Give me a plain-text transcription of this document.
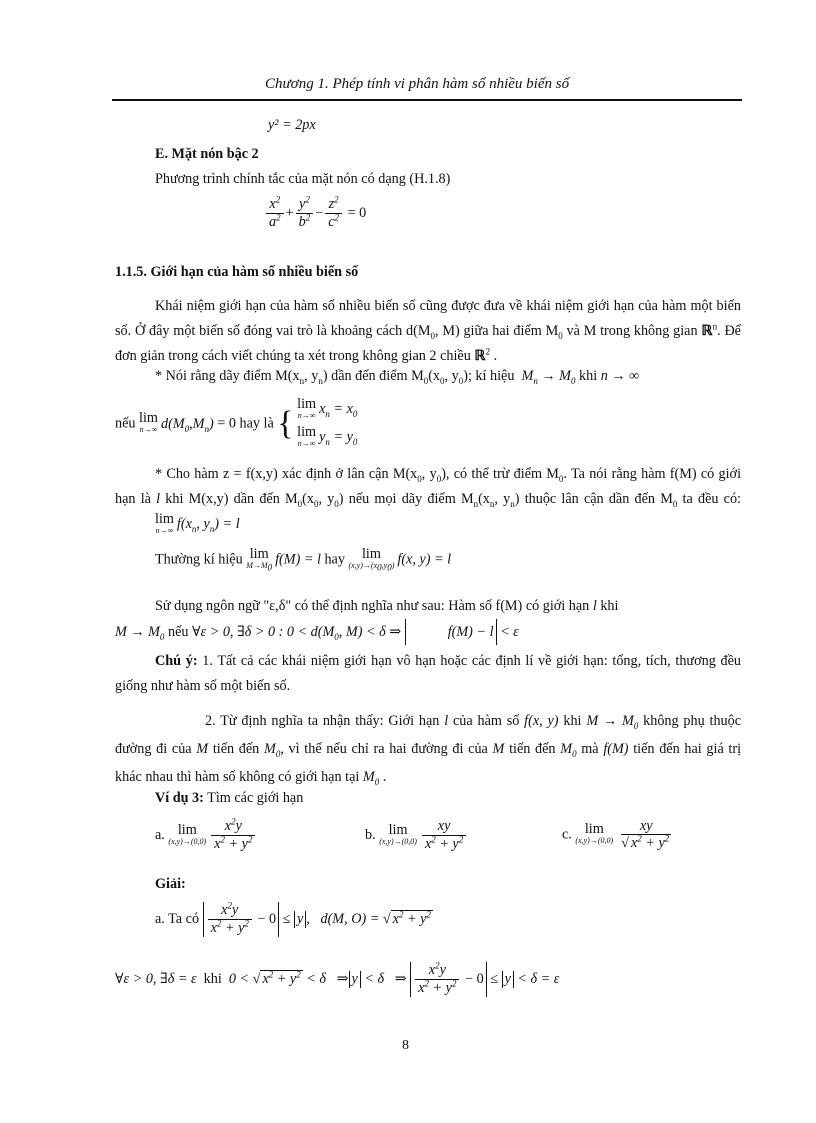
Chương 1. Phép tính vi phân hàm số nhiều biến số
y² = 2px
E. Mặt nón bậc 2
Phương trình chính tắc của mặt nón có dạng (H.1.8)
$\frac{x^2}{a^2} + \frac{y^2}{b^2} - \frac{z^2}{c^2} = 0$
1.1.5. Giới hạn của hàm số nhiều biến số
Khái niệm giới hạn của hàm số nhiều biến số cũng được đưa về khái niệm giới hạn của hàm một biến số. Ở đây một biến số đóng vai trò là khoảng cách $d(M_0$, M) giữa hai điểm $M_0$ và M trong không gian ℝ$^n$. Để đơn giản trong cách viết chúng ta xét trong không gian 2 chiều ℝ$^2$ .
* Nói rằng dãy điểm $M(x_n$, $y_n$) dần đến điểm $M_0(x_0$, $y_0$); kí hiệu  $M_n \to M_0$ khi n → ∞
nếu lim
n→∞ $d(M_0,M_n) = 0$ hay là {
lim
n→∞ $x_n = x_0$
lim
n→∞ $y_n = y_0$
* Cho hàm z = f(x,y) xác định ở lân cận $M(x_0$, $y_0$), có thể trừ điểm $M_0$. Ta nói rằng hàm f(M) có giới hạn là l khi M(x,y) dần đến $M_0(x_0$, $y_0$) nếu mọi dãy điểm $M_n(x_n$, $y_n$) thuộc lân cận dần đến $M_0$ ta đều có:
lim
n→∞ $f(x_n$, $y_n) = l$
Thường kí hiệu lim
$M\to M_0$
f(M) = l hay	lim
$(x,y)\to(x_0,y_0)$ f(x, y) = l
Sử dụng ngôn ngữ "ε,δ" có thể định nghĩa như sau: Hàm số f(M) có giới hạn l khi
$M \to M_0$ nếu ∀ε > 0, ∃δ > 0 : $0 < d(M_0$, M) < δ ⇒	f(M) − l < ε
Chú ý: 1. Tất cả các khái niệm giới hạn vô hạn hoặc các định lí về giới hạn: tổng, tích, thương đều giống như hàm số một biến số.
2. Từ định nghĩa ta nhận thấy: Giới hạn l của hàm số f(x, y) khi $M \to M_0$ không phụ thuộc đường đi của M tiến đến $M_0$, vì thế nếu chỉ ra hai đường đi của M tiến đến $M_0$ mà f(M) tiến đến hai giá trị khác nhau thì hàm số không có giới hạn tại $M_0$ .
Ví dụ 3: Tìm các giới hạn
a. lim
$(x,y)\to(0,0) \frac{x^2y}{x^2 + y^2}$	b. lim
$(x,y)\to(0,0) \frac{xy}{x^2 + y^2}$	c. lim
(x,y)→(0,0)
xy
√ $x^2 + y^2$
Giải:
a. Ta có $\frac{x^2y}{x^2 + y^2} - 0 \le y$ ,   d(M, O) = √ $x^2 + y^2$
∀ε > 0, ∃δ = ε  khi  0 < √ $x^2 + y^2 < \delta$   ⇒ y < δ   ⇒ $\frac{x^2y}{x^2 + y^2} - 0 \le y < \delta = \varepsilon$
8
